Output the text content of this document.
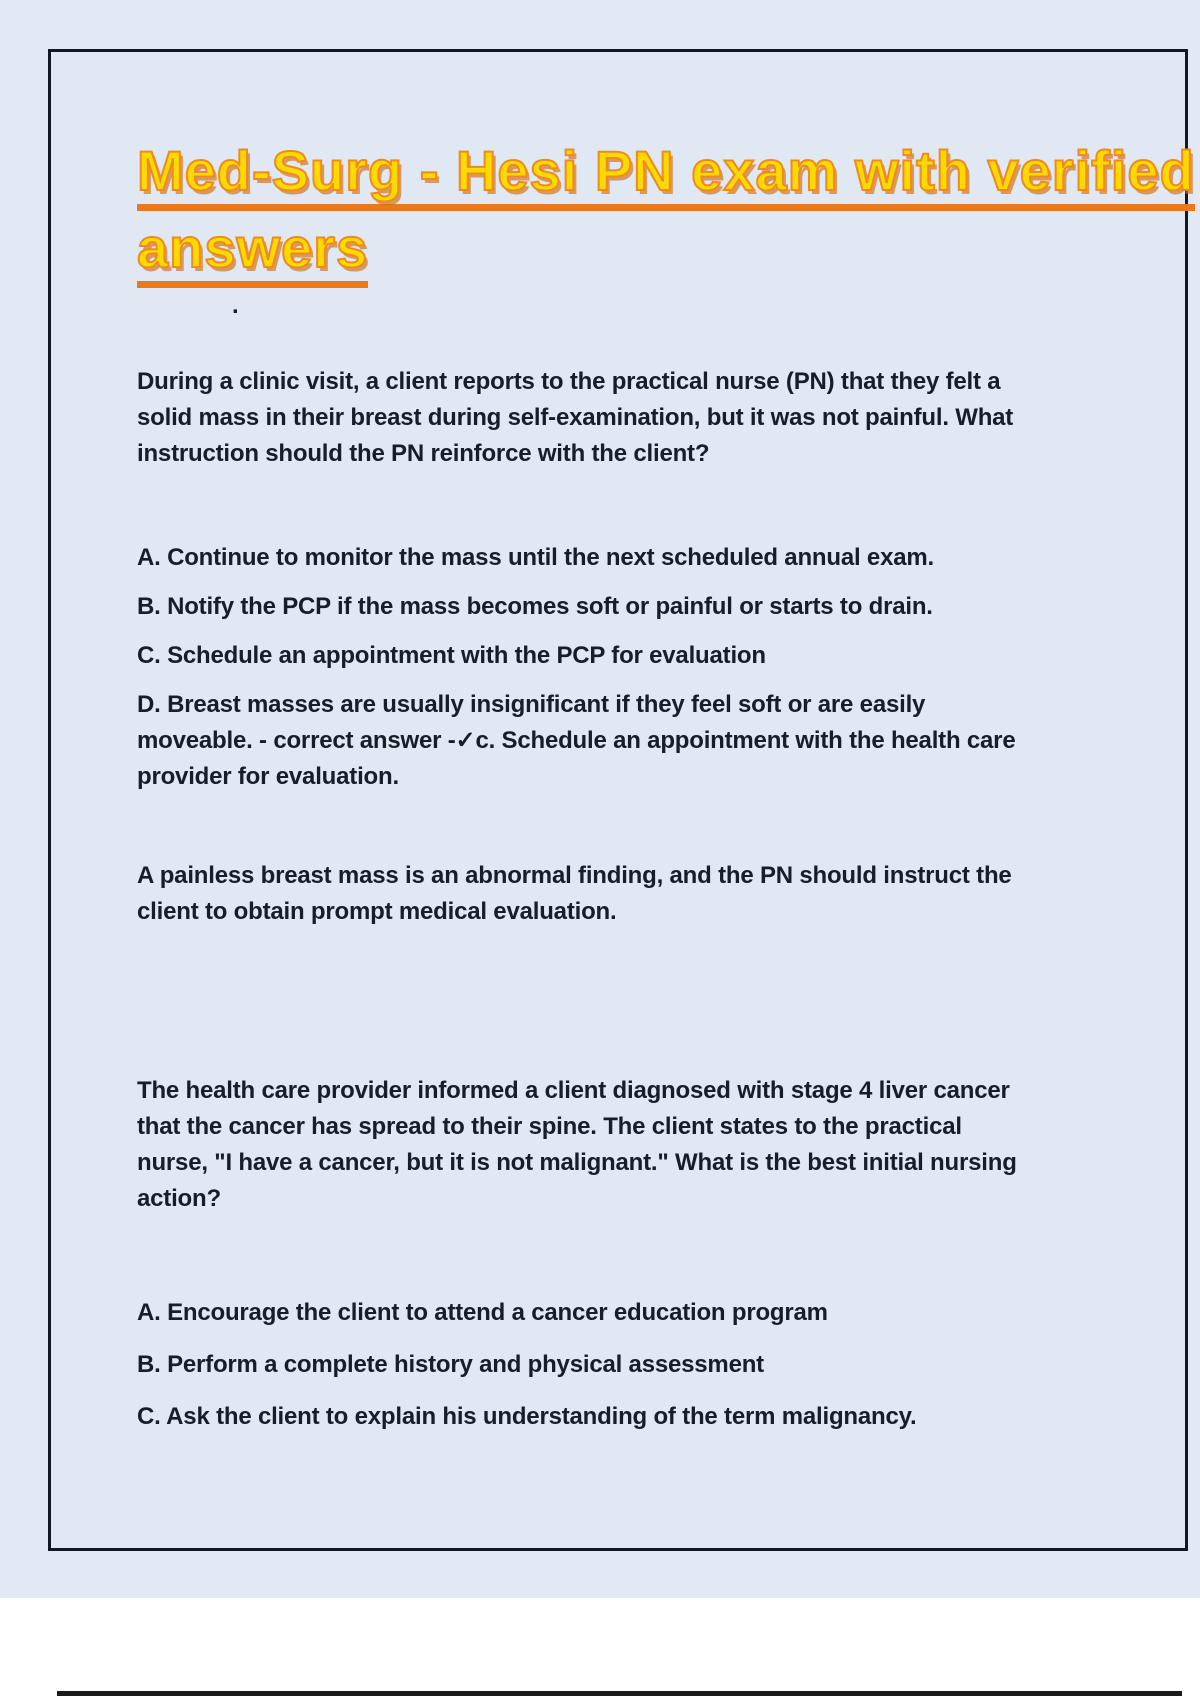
Med-Surg - Hesi PN exam with verified
answers
.
During a clinic visit, a client reports to the practical nurse (PN) that they felt a solid mass in their breast during self-examination, but it was not painful. What instruction should the PN reinforce with the client?

A. Continue to monitor the mass until the next scheduled annual exam.

B. Notify the PCP if the mass becomes soft or painful or starts to drain.

C. Schedule an appointment with the PCP for evaluation

D. Breast masses are usually insignificant if they feel soft or are easily moveable. - correct answer -✓c. Schedule an appointment with the health care provider for evaluation.

A painless breast mass is an abnormal finding, and the PN should instruct the client to obtain prompt medical evaluation.
The health care provider informed a client diagnosed with stage 4 liver cancer that the cancer has spread to their spine. The client states to the practical nurse, "I have a cancer, but it is not malignant." What is the best initial nursing action?

A. Encourage the client to attend a cancer education program

B. Perform a complete history and physical assessment

C. Ask the client to explain his understanding of the term malignancy.
